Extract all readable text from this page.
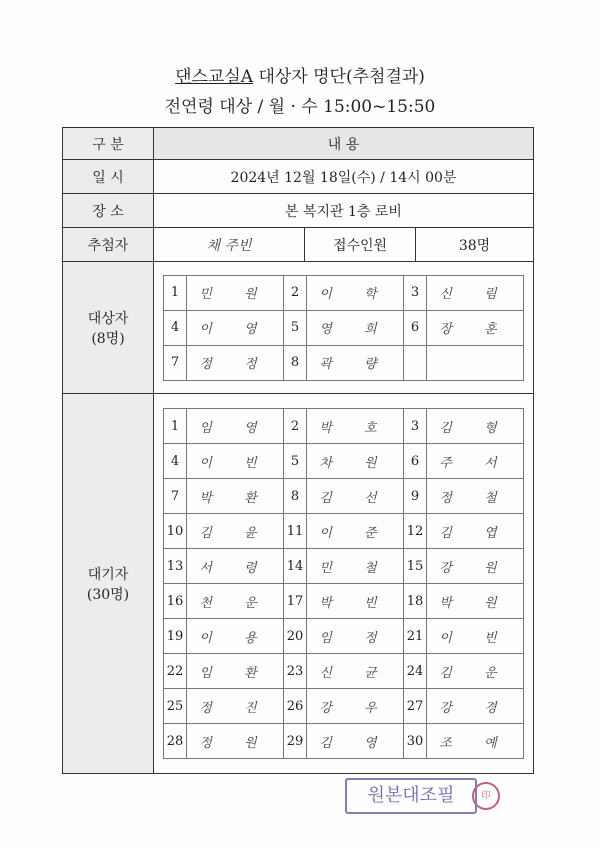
댄스교실A 대상자 명단(추첨결과)
전연령 대상 / 월 · 수 15:00~15:50
구 분	내 용
일 시	2024년 12월 18일(수) / 14시 00분
장 소	본 복지관 1층 로비
추첨자	채 주빈	접수인원	38명

대상자
(8명)

1	민 원	2	이 학	3	신 림
4	이 영	5	영 희	6	장 훈
7	정 정	8	곽 량		

대기자
(30명)

1	임 영	2	박 호	3	김 형
4	이 빈	5	차 원	6	주 서
7	박 환	8	김 선	9	정 철
10	김 윤	11	이 준	12	김 엽
13	서 령	14	민 철	15	강 원
16	천 운	17	박 빈	18	박 원
19	이 용	20	임 정	21	이 빈
22	임 환	23	신 균	24	김 운
25	정 진	26	강 우	27	강 경
28	정 원	29	김 영	30	조 예
원본대조필	印
